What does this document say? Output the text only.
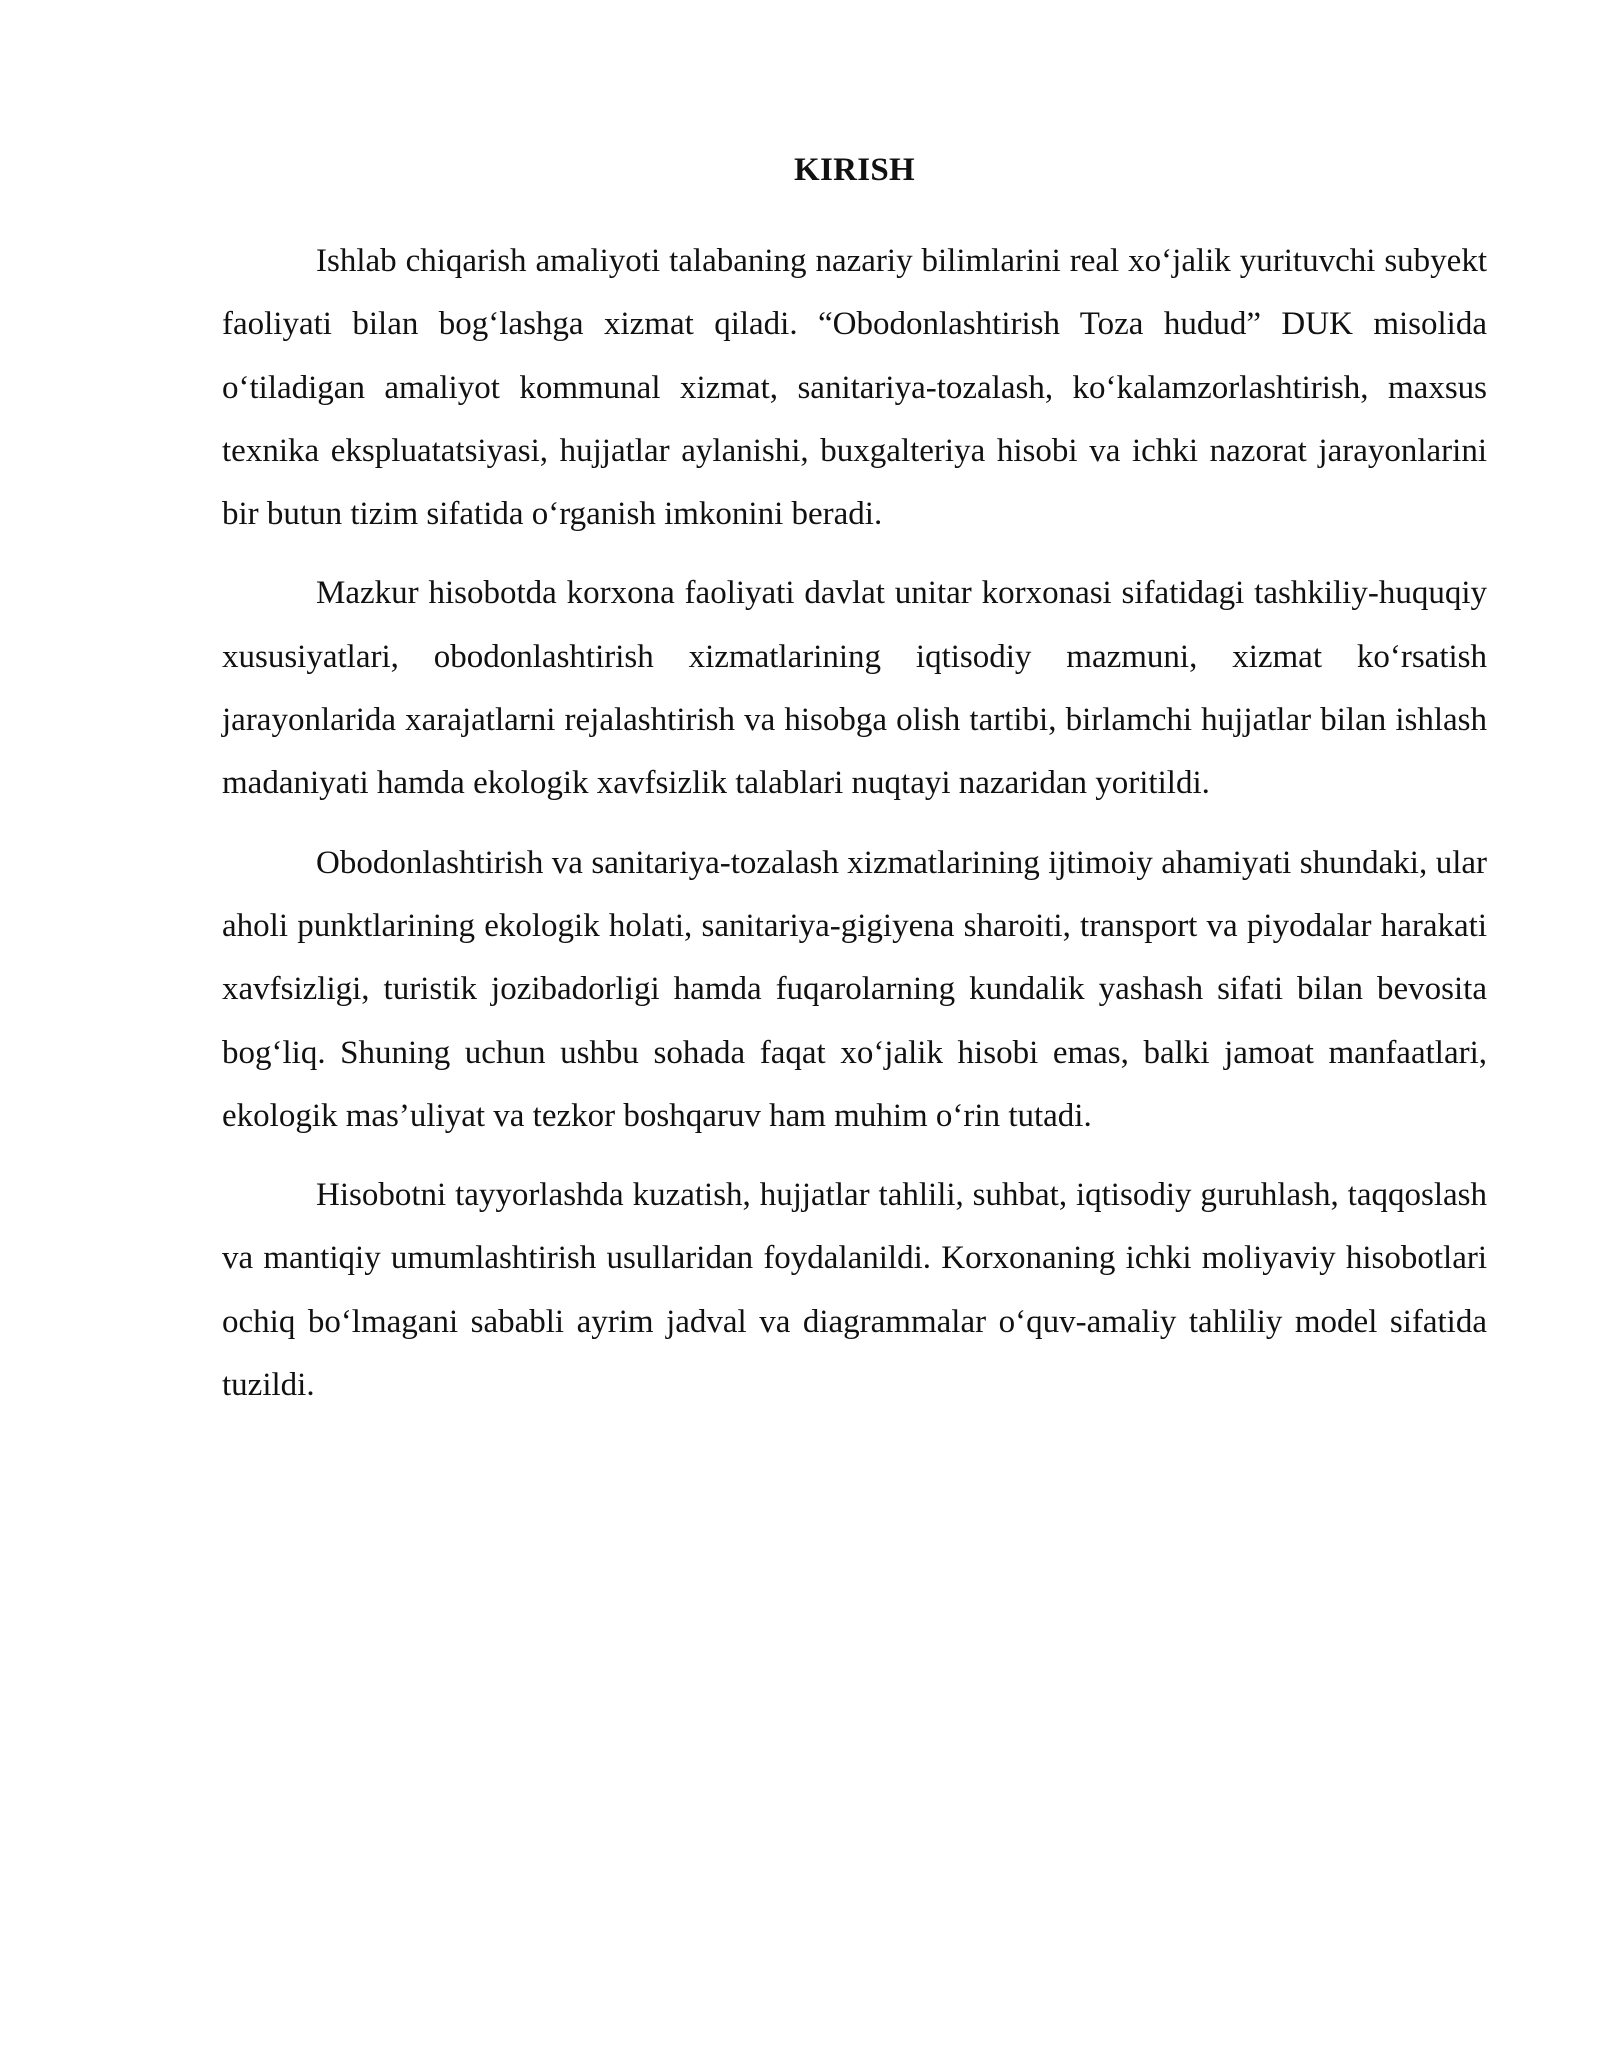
KIRISH

Ishlab chiqarish amaliyoti talabaning nazariy bilimlarini real xo‘jalik yurituvchi subyekt faoliyati bilan bog‘lashga xizmat qiladi. “Obodonlashtirish Toza hudud” DUK misolida o‘tiladigan amaliyot kommunal xizmat, sanitariya-tozalash, ko‘kalamzorlashtirish, maxsus texnika ekspluatatsiyasi, hujjatlar aylanishi, buxgalteriya hisobi va ichki nazorat jarayonlarini bir butun tizim sifatida o‘rganish imkonini beradi.

Mazkur hisobotda korxona faoliyati davlat unitar korxonasi sifatidagi tashkiliy-huquqiy xususiyatlari, obodonlashtirish xizmatlarining iqtisodiy mazmuni, xizmat ko‘rsatish jarayonlarida xarajatlarni rejalashtirish va hisobga olish tartibi, birlamchi hujjatlar bilan ishlash madaniyati hamda ekologik xavfsizlik talablari nuqtayi nazaridan yoritildi.

Obodonlashtirish va sanitariya-tozalash xizmatlarining ijtimoiy ahamiyati shundaki, ular aholi punktlarining ekologik holati, sanitariya-gigiyena sharoiti, transport va piyodalar harakati xavfsizligi, turistik jozibadorligi hamda fuqarolarning kundalik yashash sifati bilan bevosita bog‘liq. Shuning uchun ushbu sohada faqat xo‘jalik hisobi emas, balki jamoat manfaatlari, ekologik mas’uliyat va tezkor boshqaruv ham muhim o‘rin tutadi.

Hisobotni tayyorlashda kuzatish, hujjatlar tahlili, suhbat, iqtisodiy guruhlash, taqqoslash va mantiqiy umumlashtirish usullaridan foydalanildi. Korxonaning ichki moliyaviy hisobotlari ochiq bo‘lmagani sababli ayrim jadval va diagrammalar o‘quv-amaliy tahliliy model sifatida tuzildi.
